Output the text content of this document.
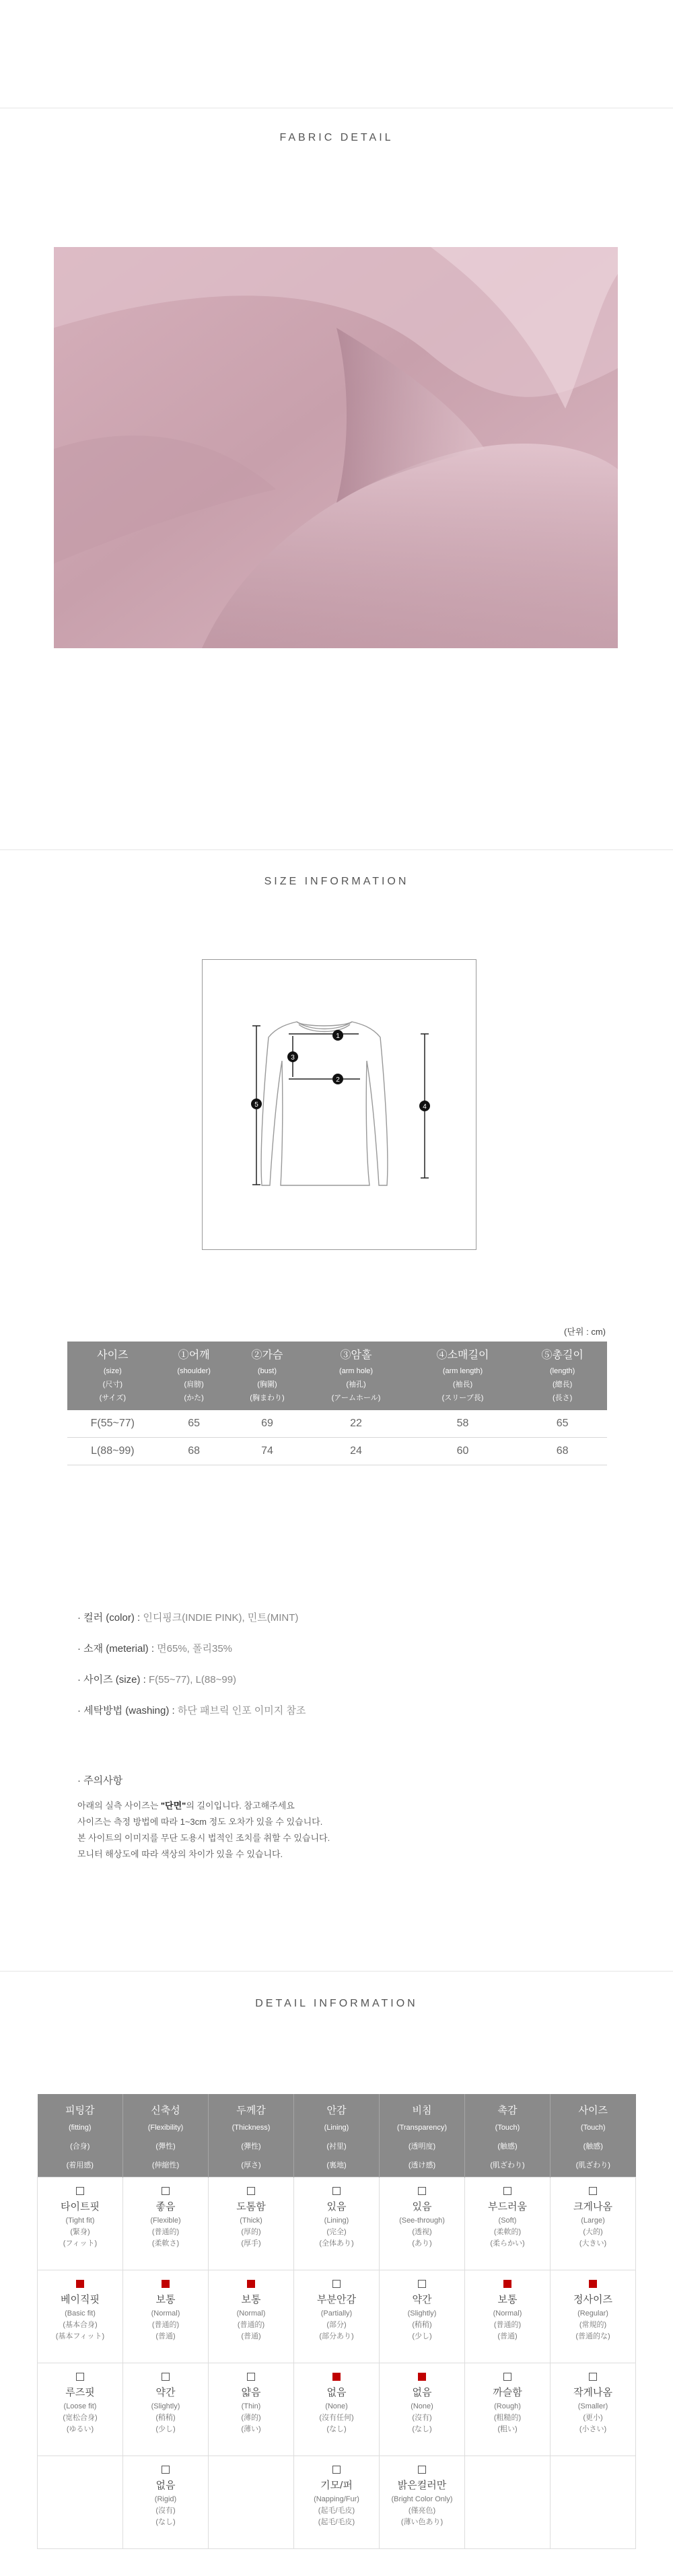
FABRIC DETAIL
SIZE INFORMATION
1
2
3
4
5
(단위 : cm)
사이즈
(size)
(尺寸)
(サイズ)	①어깨
(shoulder)
(肩膀)
(かた)	②가슴
(bust)
(胸圍)
(胸まわり)	③암홀
(arm hole)
(袖孔)
(アームホール)	④소매길이
(arm length)
(袖長)
(スリーブ長)	⑤총길이
(length)
(總長)
(長さ)

F(55~77)	65	69	22	58	65
L(88~99)	68	74	24	60	68
· 컬러 (color) : 인디핑크(INDIE PINK), 민트(MINT)
· 소재 (meterial) : 면65%, 폴리35%
· 사이즈 (size) : F(55~77), L(88~99)
· 세탁방법 (washing) : 하단 패브릭 인포 이미지 참조
· 주의사항
아래의 실측 사이즈는 "단면"의 길이입니다. 참고해주세요
사이즈는 측정 방법에 따라 1~3cm 정도 오차가 있을 수 있습니다.
본 사이트의 이미지를 무단 도용시 법적인 조치를 취할 수 있습니다.
모니터 해상도에 따라 색상의 차이가 있을 수 있습니다.
DETAIL INFORMATION
피팅감
(fitting)
(合身)
(着用感)	신축성
(Flexibility)
(彈性)
(伸縮性)	두께감
(Thickness)
(彈性)
(厚さ)	안감
(Lining)
(衬里)
(裏地)	비침
(Transparency)
(透明度)
(透け感)	촉감
(Touch)
(触感)
(肌ざわり)	사이즈
(Touch)
(触感)
(肌ざわり)

타이트핏
(Tight fit)
(緊身)
(フィット)	좋음
(Flexible)
(普通的)
(柔軟さ)	도톰함
(Thick)
(厚的)
(厚手)	있음
(Lining)
(完全)
(全体あり)	있음
(See-through)
(透视)
(あり)	부드러움
(Soft)
(柔軟的)
(柔らかい)	크게나옴
(Large)
(大的)
(大きい)

베이직핏
(Basic fit)
(基本合身)
(基本フィット)	보통
(Normal)
(普通的)
(普通)	보통
(Normal)
(普通的)
(普通)	부분안감
(Partially)
(部分)
(部分あり)	약간
(Slightly)
(稍稍)
(少し)	보통
(Normal)
(普通的)
(普通)	정사이즈
(Regular)
(常規的)
(普通的な)

루즈핏
(Loose fit)
(宽松合身)
(ゆるい)	약간
(Slightly)
(稍稍)
(少し)	얇음
(Thin)
(薄的)
(薄い)	없음
(None)
(沒有任何)
(なし)	없음
(None)
(沒有)
(なし)	까슬함
(Rough)
(粗糙的)
(粗い)	작게나옴
(Smaller)
(更小)
(小さい)

	없음
(Rigid)
(沒有)
(なし)		기모/퍼
(Napping/Fur)
(起毛/毛皮)
(起毛/毛皮)	밝은컬러만
(Bright Color Only)
(僅亮色)
(薄い色あり)		
